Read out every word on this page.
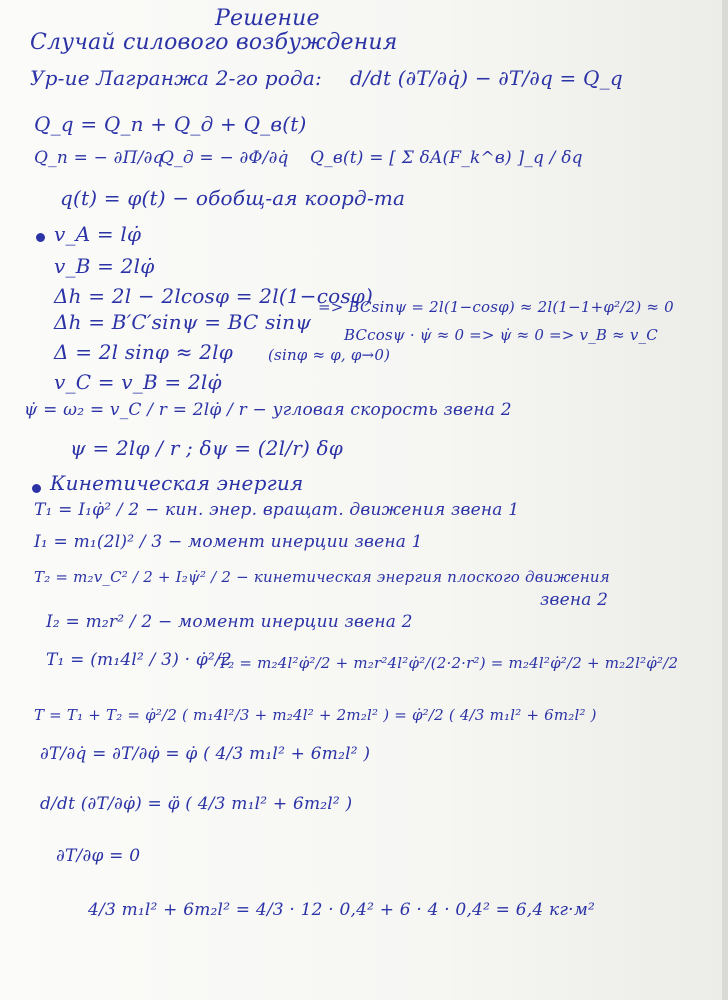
Решение
Случай силового возбуждения
Ур-ие Лагранжа 2-го рода: d/dt (∂T/∂q̇) − ∂T/∂q = Q_q
Q_q = Q_п + Q_д + Q_в(t)
Q_п = − ∂П/∂q
Q_д = − ∂Φ/∂q̇ Q_в(t) = [ Σ δA(F_k^в) ]_q / δq
q(t) = φ(t) − обобщ-ая коорд-та
v_A = lφ̇
v_B = 2lφ̇
Δh = 2l − 2lcosφ = 2l(1−cosφ)
=> BCsinψ = 2l(1−cosφ) ≈ 2l(1−1+φ²/2) ≈ 0
Δh = B′C′sinψ = BC sinψ
BCcosψ · ψ̇ ≈ 0 => ψ̇ ≈ 0 => v_B ≈ v_C
Δ = 2l sinφ ≈ 2lφ (sinφ ≈ φ, φ→0)
v_C = v_B = 2lφ̇
ψ̇ = ω₂ = v_C / r = 2lφ̇ / r − угловая скорость звена 2
ψ = 2lφ / r ; δψ = (2l/r) δφ
Кинетическая энергия
T₁ = I₁φ̇² / 2 − кин. энер. вращат. движения звена 1
I₁ = m₁(2l)² / 3 − момент инерции звена 1
T₂ = m₂v_C² / 2 + I₂ψ̇² / 2 − кинетическая энергия плоского движения
звена 2
I₂ = m₂r² / 2 − момент инерции звена 2
T₁ = (m₁4l² / 3) · φ̇²/2
T₂ = m₂4l²φ̇²/2 + m₂r²4l²φ̇²/(2·2·r²) = m₂4l²φ̇²/2 + m₂2l²φ̇²/2
T = T₁ + T₂ = φ̇²/2 ( m₁4l²/3 + m₂4l² + 2m₂l² ) = φ̇²/2 ( 4/3 m₁l² + 6m₂l² )
∂T/∂q̇ = ∂T/∂φ̇ = φ̇ ( 4/3 m₁l² + 6m₂l² )
d/dt (∂T/∂φ̇) = φ̈ ( 4/3 m₁l² + 6m₂l² )
∂T/∂φ = 0
4/3 m₁l² + 6m₂l² = 4/3 · 12 · 0,4² + 6 · 4 · 0,4² = 6,4 кг·м²
